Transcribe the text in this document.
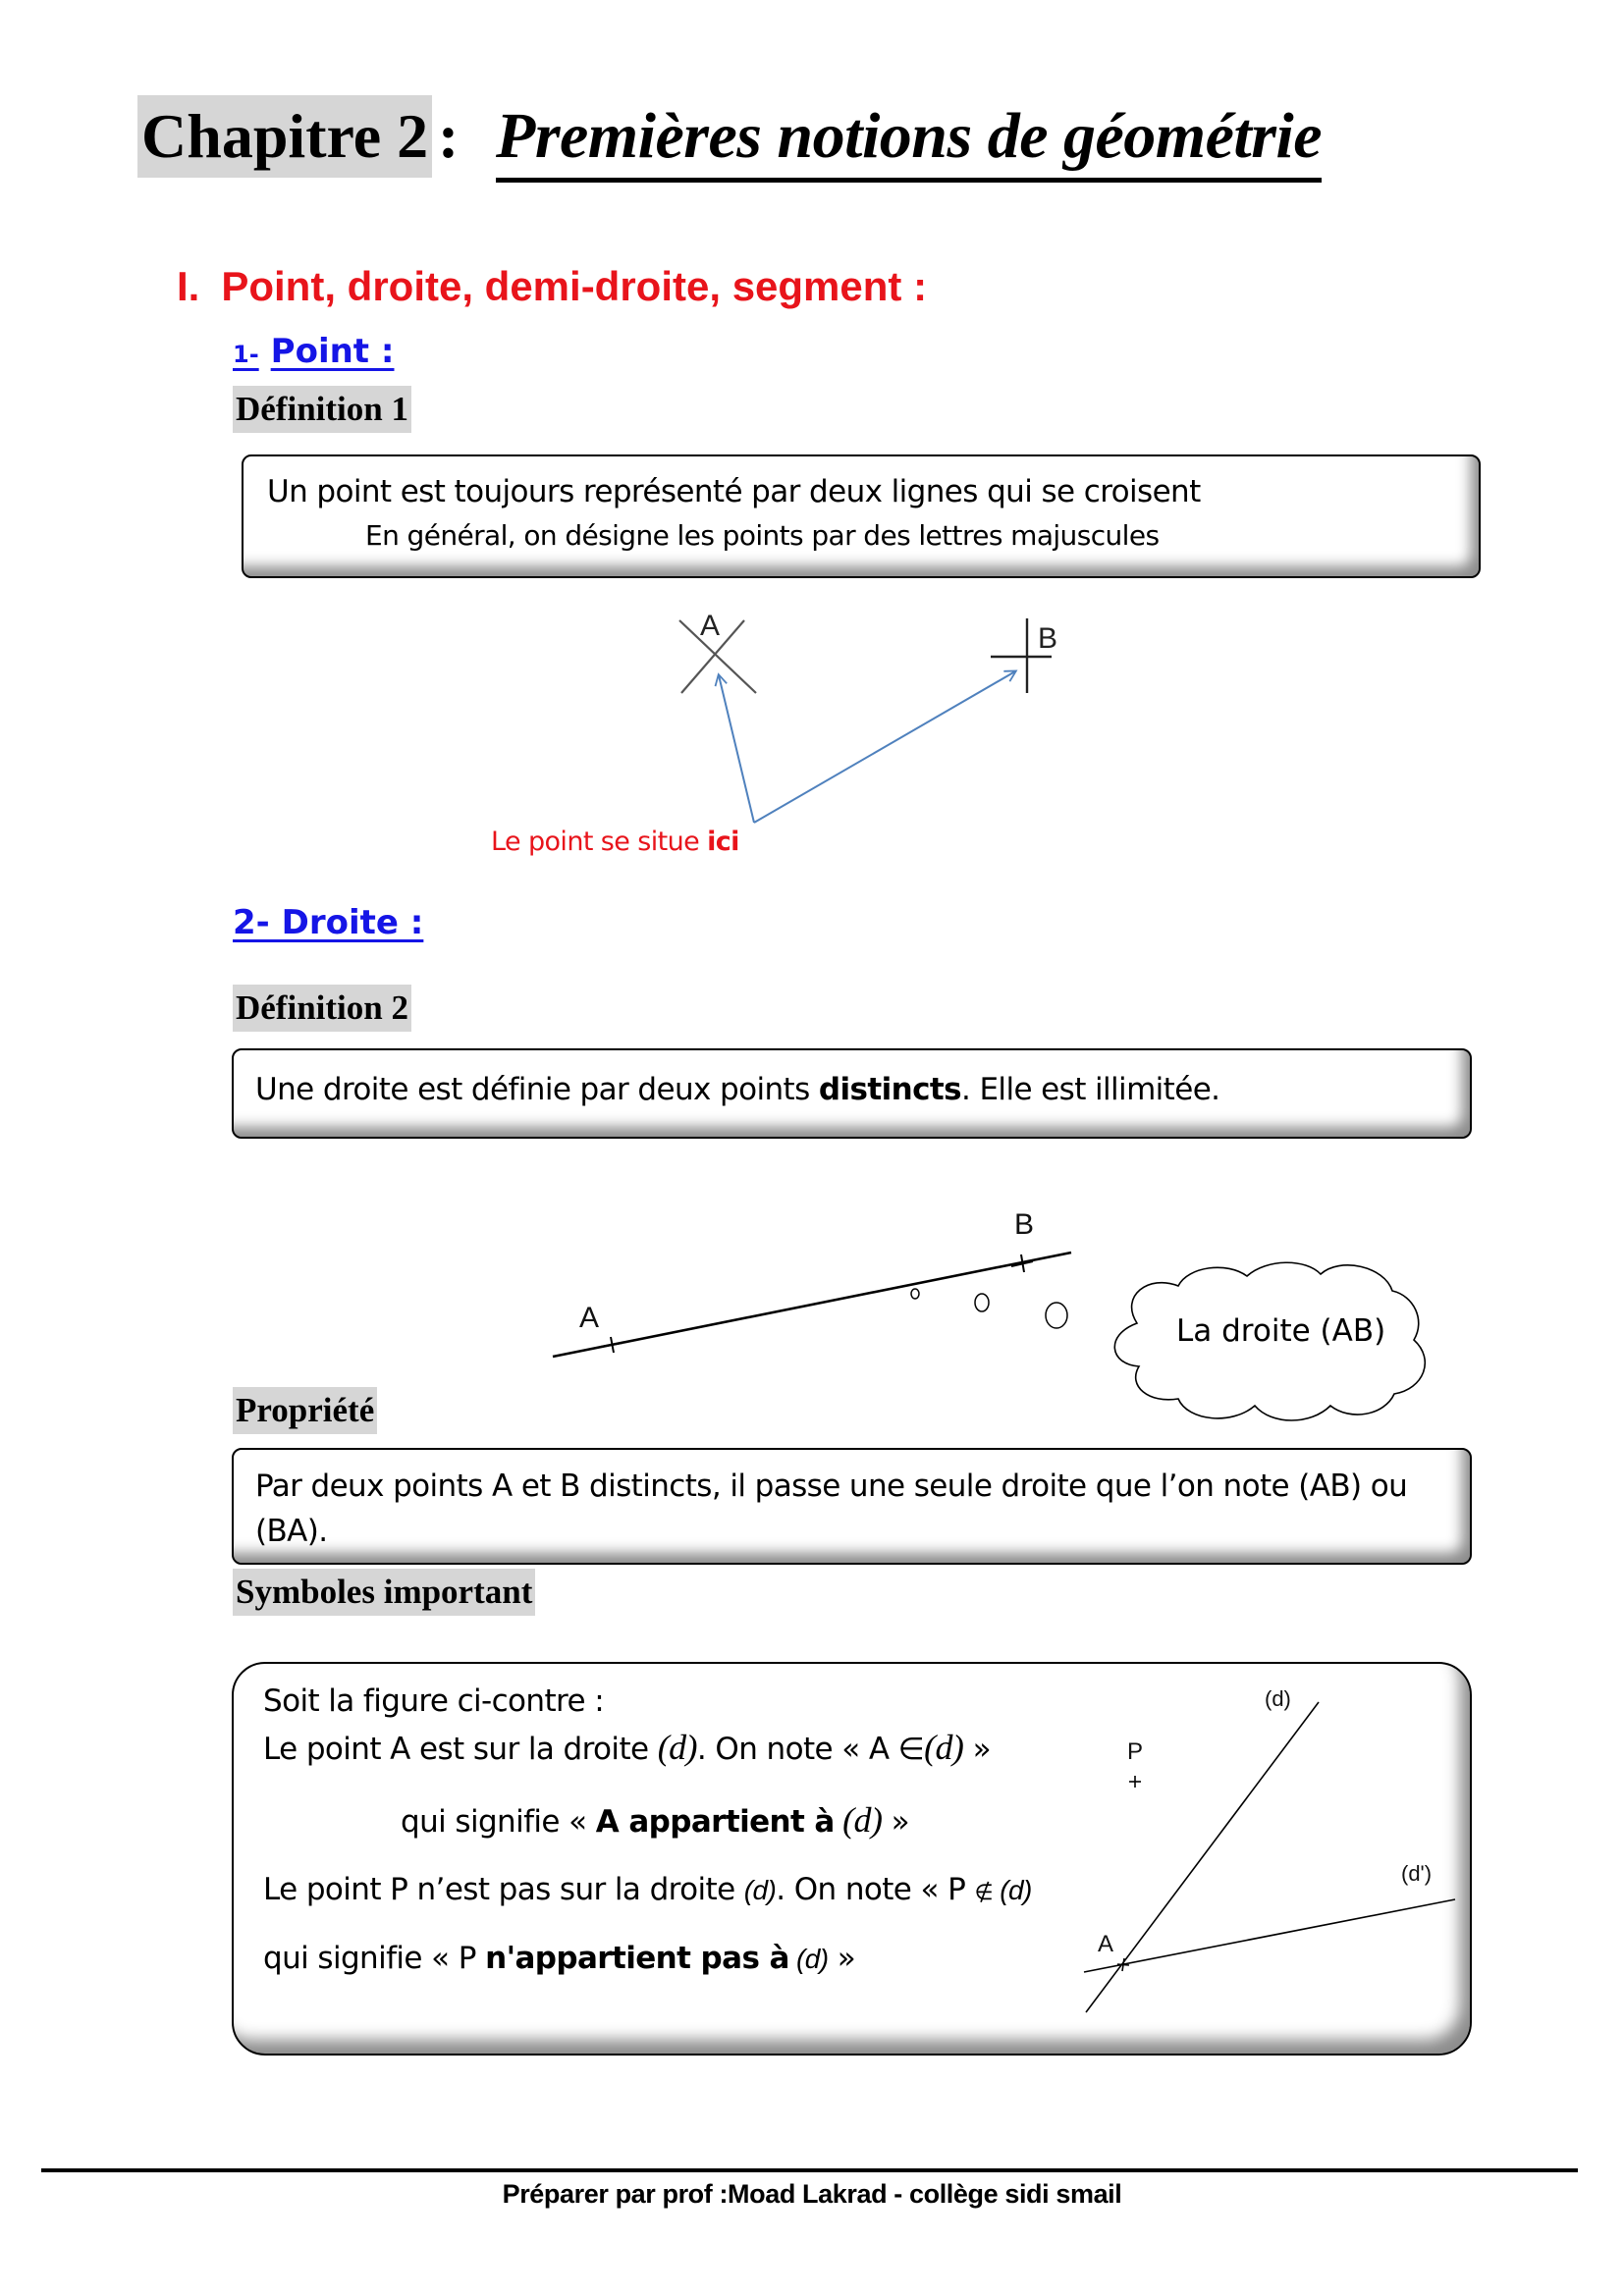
Chapitre 2 : Premières notions de géométrie
I. Point, droite, demi-droite, segment :
1- Point :
Définition 1
Un point est toujours représenté par deux lignes qui se croisent
En général, on désigne les points par des lettres majuscules
A	B
Le point se situe ici
2- Droite :
Définition 2
Une droite est définie par deux points distincts. Elle est illimitée.
A
B
La droite (AB)
Propriété
Par deux points A et B distincts, il passe une seule droite que l’on note (AB) ou (BA).
Symboles important
Soit la figure ci-contre :
Le point A est sur la droite (d). On note « A ∈(d) »
qui signifie « A appartient à (d) »
Le point P n’est pas sur la droite (d). On note « P ∉ (d)
qui signifie « P n'appartient pas à (d) »
P
A
(d)
(d')
Préparer par prof :Moad Lakrad - collège sidi smail
